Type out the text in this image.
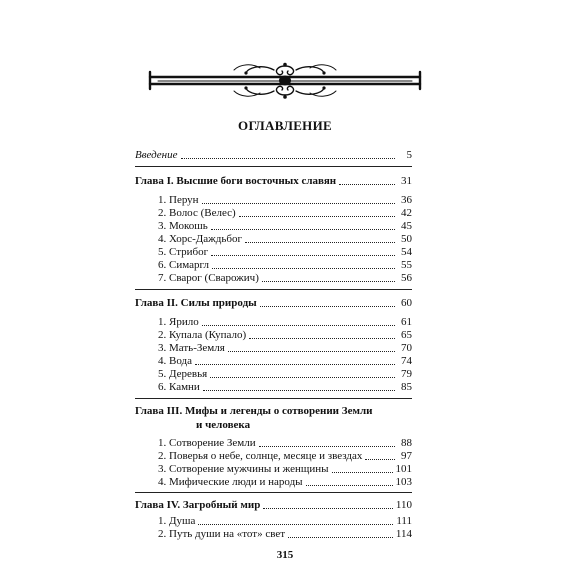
ОГЛАВЛЕНИЕ
Введение	5
Глава I. Высшие боги восточных славян	31
1. Перун	36
2. Волос (Велес)	42
3. Мокошь	45
4. Хорс-Даждьбог	50
5. Стрибог	54
6. Симаргл	55
7. Сварог (Сварожич)	56
Глава II. Силы природы	60
1. Ярило	61
2. Купала (Купало)	65
3. Мать-Земля	70
4. Вода	74
5. Деревья	79
6. Камни	85
Глава III. Мифы и легенды о сотворении Земли
и человека
1. Сотворение Земли	88
2. Поверья о небе, солнце, месяце и звездах	97
3. Сотворение мужчины и женщины	101
4. Мифические люди и народы	103
Глава IV. Загробный мир	110
1. Душа	111
2. Путь души на «тот» свет	114
315
